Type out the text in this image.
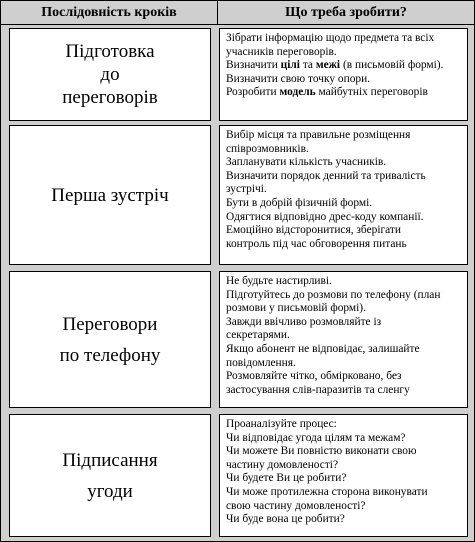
Послідовність кроків	Що треба зробити?
Підготовка
до
переговорів
Зібрати інформацію щодо предмета та всіх
учасників переговорів.
Визначити цілі та межі (в письмовій формі).
Визначити свою точку опори.
Розробити модель майбутніх переговорів
Перша зустріч
Вибір місця та правильне розміщення
співрозмовників.
Запланувати кількість учасників.
Визначити порядок денний та тривалість
зустрічі.
Бути в добрій фізичній формі.
Одягтися відповідно дрес-коду компанії.
Емоційно відсторонитися, зберігати
контроль під час обговорення питань
Переговори
по телефону
Не будьте настирливі.
Підготуйтесь до розмови по телефону (план
розмови у письмовій формі).
Завжди ввічливо розмовляйте із
секретарями.
Якщо абонент не відповідає, залишайте
повідомлення.
Розмовляйте чітко, обмірковано, без
застосування слів-паразитів та сленгу
Підписання
угоди
Проаналізуйте процес:
Чи відповідає угода цілям та межам?
Чи можете Ви повністю виконати свою
частину домовленості?
Чи будете Ви це робити?
Чи може протилежна сторона виконувати
свою частину домовленості?
Чи буде вона це робити?
